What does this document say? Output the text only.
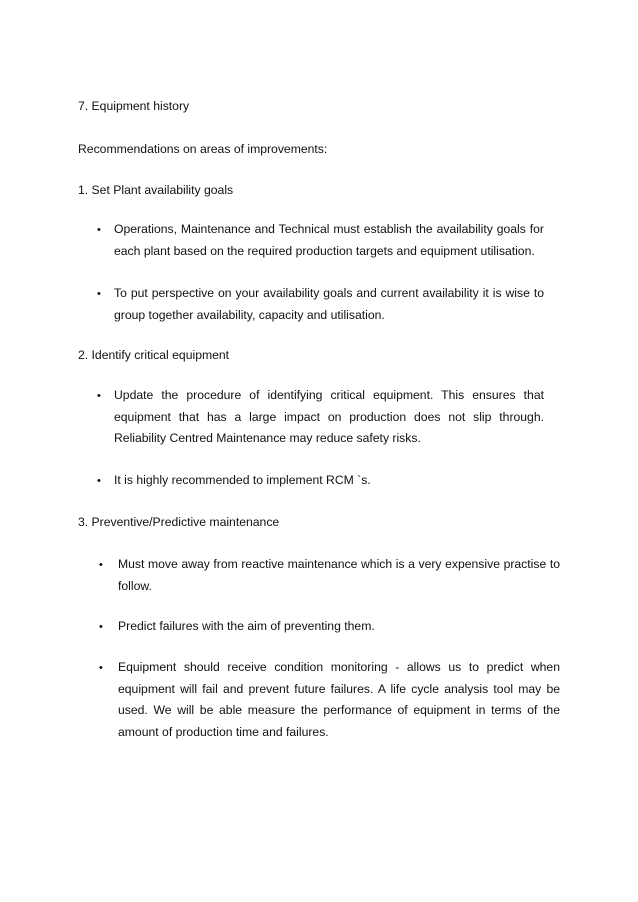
7. Equipment history

Recommendations on areas of improvements:

1. Set Plant availability goals

• Operations, Maintenance and Technical must establish the availability goals for each plant based on the required production targets and equipment utilisation.
• To put perspective on your availability goals and current availability it is wise to group together availability, capacity and utilisation.

2. Identify critical equipment

• Update the procedure of identifying critical equipment. This ensures that equipment that has a large impact on production does not slip through. Reliability Centred Maintenance may reduce safety risks.
• It is highly recommended to implement RCM `s.

3. Preventive/Predictive maintenance

• Must move away from reactive maintenance which is a very expensive practise to follow.
• Predict failures with the aim of preventing them.
• Equipment should receive condition monitoring - allows us to predict when equipment will fail and prevent future failures. A life cycle analysis tool may be used. We will be able measure the performance of equipment in terms of the amount of production time and failures.
